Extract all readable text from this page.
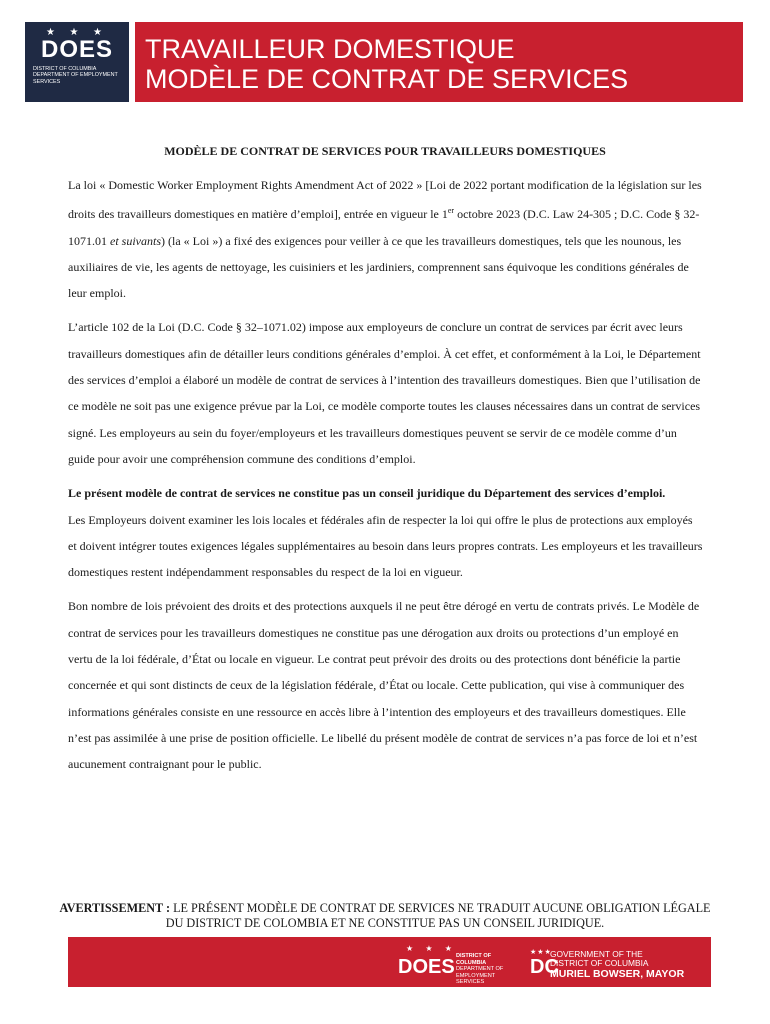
★ ★ ★
DOES
DISTRICT OF COLUMBIA DEPARTMENT OF EMPLOYMENT SERVICES
TRAVAILLEUR DOMESTIQUE
MODÈLE DE CONTRAT DE SERVICES
MODÈLE DE CONTRAT DE SERVICES POUR TRAVAILLEURS DOMESTIQUES

La loi « Domestic Worker Employment Rights Amendment Act of 2022 » [Loi de 2022 portant modification de la législation sur les droits des travailleurs domestiques en matière d’emploi], entrée en vigueur le 1er octobre 2023 (D.C. Law 24-305 ; D.C. Code § 32-1071.01 et suivants) (la « Loi ») a fixé des exigences pour veiller à ce que les travailleurs domestiques, tels que les nounous, les auxiliaires de vie, les agents de nettoyage, les cuisiniers et les jardiniers, comprennent sans équivoque les conditions générales de leur emploi.

L’article 102 de la Loi (D.C. Code § 32–1071.02) impose aux employeurs de conclure un contrat de services par écrit avec leurs travailleurs domestiques afin de détailler leurs conditions générales d’emploi. À cet effet, et conformément à la Loi, le Département des services d’emploi a élaboré un modèle de contrat de services à l’intention des travailleurs domestiques. Bien que l’utilisation de ce modèle ne soit pas une exigence prévue par la Loi, ce modèle comporte toutes les clauses nécessaires dans un contrat de services signé. Les employeurs au sein du foyer/employeurs et les travailleurs domestiques peuvent se servir de ce modèle comme d’un guide pour avoir une compréhension commune des conditions d’emploi.

Le présent modèle de contrat de services ne constitue pas un conseil juridique du Département des services d’emploi.

Les Employeurs doivent examiner les lois locales et fédérales afin de respecter la loi qui offre le plus de protections aux employés et doivent intégrer toutes exigences légales supplémentaires au besoin dans leurs propres contrats. Les employeurs et les travailleurs domestiques restent indépendamment responsables du respect de la loi en vigueur.

Bon nombre de lois prévoient des droits et des protections auxquels il ne peut être dérogé en vertu de contrats privés. Le Modèle de contrat de services pour les travailleurs domestiques ne constitue pas une dérogation aux droits ou protections d’un employé en vertu de la loi fédérale, d’État ou locale en vigueur. Le contrat peut prévoir des droits ou des protections dont bénéficie la partie concernée et qui sont distincts de ceux de la législation fédérale, d’État ou locale. Cette publication, qui vise à communiquer des informations générales consiste en une ressource en accès libre à l’intention des employeurs et des travailleurs domestiques. Elle n’est pas assimilée à une prise de position officielle. Le libellé du présent modèle de contrat de services n’a pas force de loi et n’est aucunement contraignant pour le public.

AVERTISSEMENT : LE PRÉSENT MODÈLE DE CONTRAT DE SERVICES NE TRADUIT AUCUNE OBLIGATION LÉGALE DU DISTRICT DE COLOMBIA ET NE CONSTITUE PAS UN CONSEIL JURIDIQUE.
★ ★ ★
DOES DISTRICT OF COLUMBIA
DEPARTMENT OF
EMPLOYMENT SERVICES
★★★
DC
GOVERNMENT OF THE
DISTRICT OF COLUMBIA
MURIEL BOWSER, MAYOR
